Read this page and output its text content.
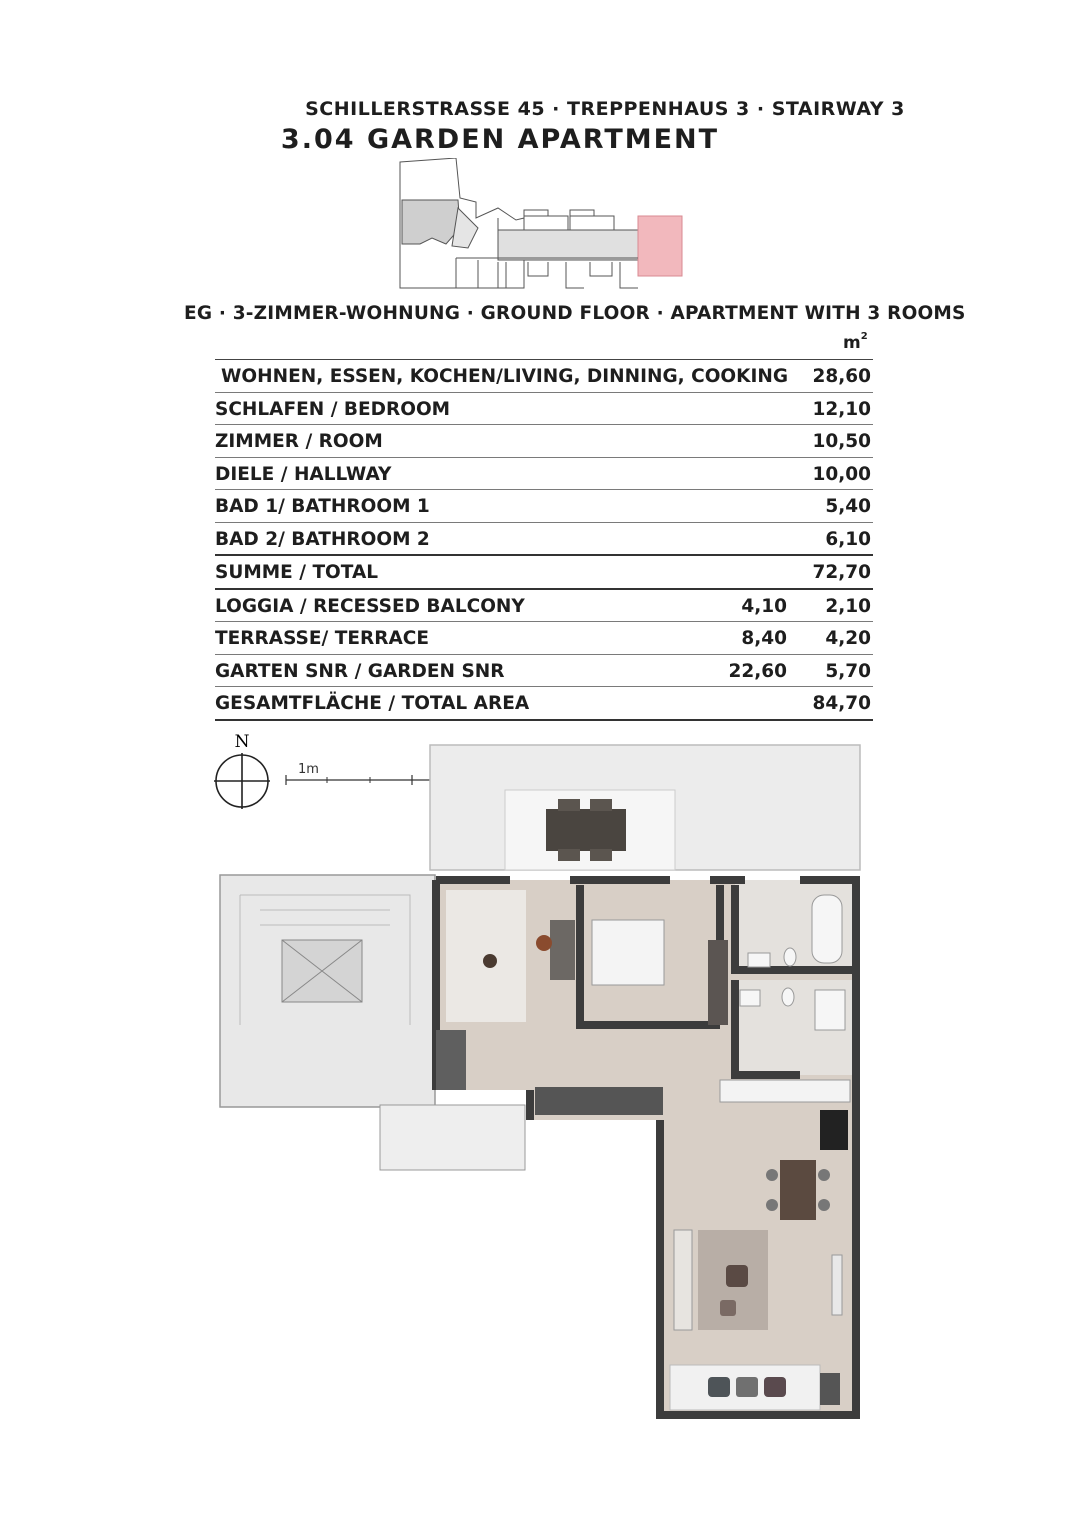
SCHILLERSTRASSE 45 · TREPPENHAUS 3 · STAIRWAY 3
3.04 GARDEN APARTMENT
EG · 3-ZIMMER-WOHNUNG · GROUND FLOOR · APARTMENT WITH 3 ROOMS
$m^2$
WOHNEN, ESSEN, KOCHEN/LIVING, DINNING, COOKING 28,60
SCHLAFEN / BEDROOM	12,10
ZIMMER / ROOM	10,50
DIELE / HALLWAY	10,00
BAD 1/ BATHROOM 1	5,40
BAD 2/ BATHROOM 2	6,10
SUMME / TOTAL	72,70
LOGGIA / RECESSED BALCONY	4,10 2,10
TERRASSE/ TERRACE	8,40 4,20
GARTEN SNR / GARDEN SNR	22,60 5,70
GESAMTFLÄCHE / TOTAL AREA	84,70
N
1m
